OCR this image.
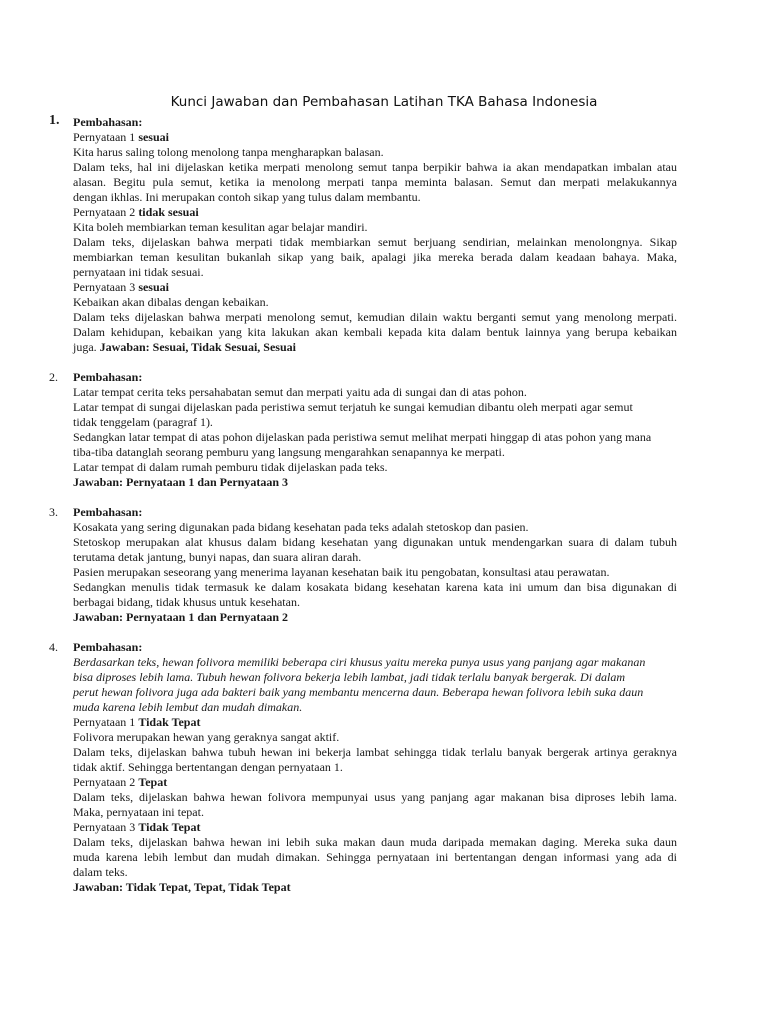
Kunci Jawaban dan Pembahasan Latihan TKA Bahasa Indonesia
1. Pembahasan:
Pernyataan 1 sesuai
Kita harus saling tolong menolong tanpa mengharapkan balasan.
Dalam teks, hal ini dijelaskan ketika merpati menolong semut tanpa berpikir bahwa ia akan mendapatkan imbalan atau
alasan. Begitu pula semut, ketika ia menolong merpati tanpa meminta balasan. Semut dan merpati melakukannya
dengan ikhlas. Ini merupakan contoh sikap yang tulus dalam membantu.
Pernyataan 2 tidak sesuai
Kita boleh membiarkan teman kesulitan agar belajar mandiri.
Dalam teks, dijelaskan bahwa merpati tidak membiarkan semut berjuang sendirian, melainkan menolongnya. Sikap
membiarkan teman kesulitan bukanlah sikap yang baik, apalagi jika mereka berada dalam keadaan bahaya. Maka,
pernyataan ini tidak sesuai.
Pernyataan 3 sesuai
Kebaikan akan dibalas dengan kebaikan.
Dalam teks dijelaskan bahwa merpati menolong semut, kemudian dilain waktu berganti semut yang menolong merpati.
Dalam kehidupan, kebaikan yang kita lakukan akan kembali kepada kita dalam bentuk lainnya yang berupa kebaikan
juga. Jawaban: Sesuai, Tidak Sesuai, Sesuai
2. Pembahasan:
Latar tempat cerita teks persahabatan semut dan merpati yaitu ada di sungai dan di atas pohon.
Latar tempat di sungai dijelaskan pada peristiwa semut terjatuh ke sungai kemudian dibantu oleh merpati agar semut
tidak tenggelam (paragraf 1).
Sedangkan latar tempat di atas pohon dijelaskan pada peristiwa semut melihat merpati hinggap di atas pohon yang mana
tiba-tiba datanglah seorang pemburu yang langsung mengarahkan senapannya ke merpati.
Latar tempat di dalam rumah pemburu tidak dijelaskan pada teks.
Jawaban: Pernyataan 1 dan Pernyataan 3
3. Pembahasan:
Kosakata yang sering digunakan pada bidang kesehatan pada teks adalah stetoskop dan pasien.
Stetoskop merupakan alat khusus dalam bidang kesehatan yang digunakan untuk mendengarkan suara di dalam tubuh
terutama detak jantung, bunyi napas, dan suara aliran darah.
Pasien merupakan seseorang yang menerima layanan kesehatan baik itu pengobatan, konsultasi atau perawatan.
Sedangkan menulis tidak termasuk ke dalam kosakata bidang kesehatan karena kata ini umum dan bisa digunakan di
berbagai bidang, tidak khusus untuk kesehatan.
Jawaban: Pernyataan 1 dan Pernyataan 2
4. Pembahasan:
Berdasarkan teks, hewan folivora memiliki beberapa ciri khusus yaitu mereka punya usus yang panjang agar makanan
bisa diproses lebih lama. Tubuh hewan folivora bekerja lebih lambat, jadi tidak terlalu banyak bergerak. Di dalam
perut hewan folivora juga ada bakteri baik yang membantu mencerna daun. Beberapa hewan folivora lebih suka daun
muda karena lebih lembut dan mudah dimakan.
Pernyataan 1 Tidak Tepat
Folivora merupakan hewan yang geraknya sangat aktif.
Dalam teks, dijelaskan bahwa tubuh hewan ini bekerja lambat sehingga tidak terlalu banyak bergerak artinya geraknya
tidak aktif. Sehingga bertentangan dengan pernyataan 1.
Pernyataan 2 Tepat
Dalam teks, dijelaskan bahwa hewan folivora mempunyai usus yang panjang agar makanan bisa diproses lebih lama.
Maka, pernyataan ini tepat.
Pernyataan 3 Tidak Tepat
Dalam teks, dijelaskan bahwa hewan ini lebih suka makan daun muda daripada memakan daging. Mereka suka daun
muda karena lebih lembut dan mudah dimakan. Sehingga pernyataan ini bertentangan dengan informasi yang ada di
dalam teks.
Jawaban: Tidak Tepat, Tepat, Tidak Tepat
